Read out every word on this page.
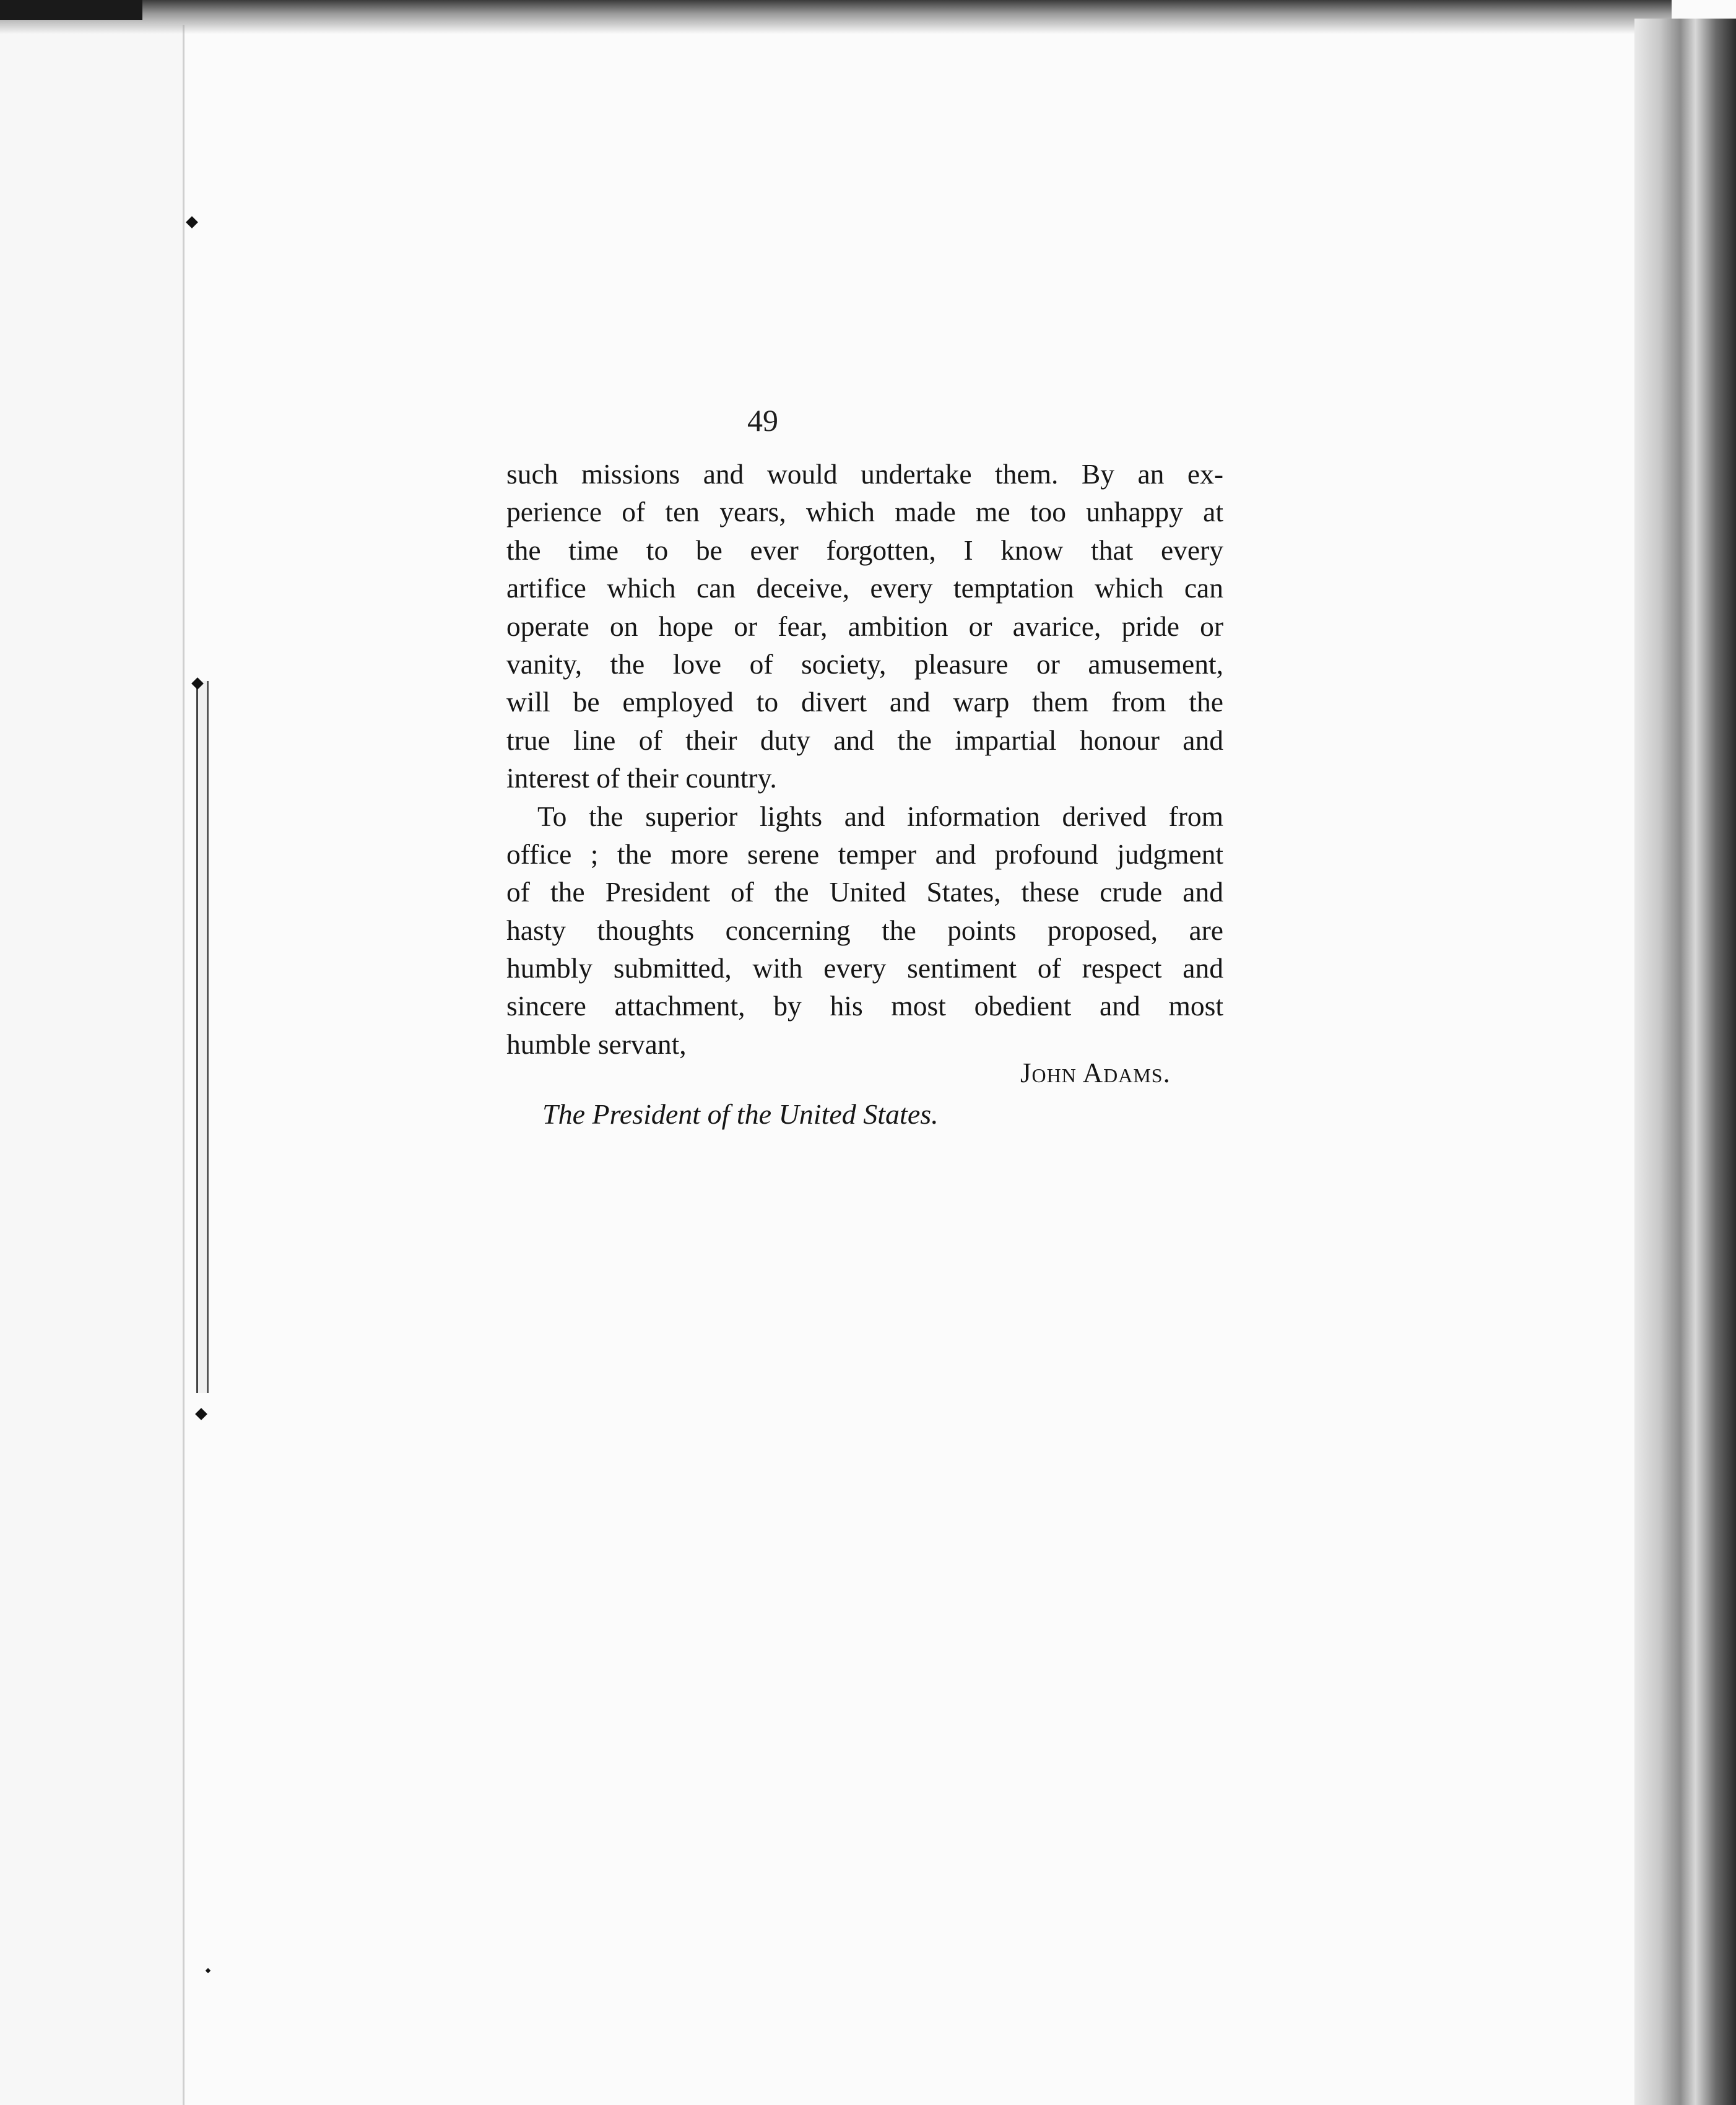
49
such missions and would undertake them. By an ex-
perience of ten years, which made me too unhappy at
the time to be ever forgotten, I know that every
artifice which can deceive, every temptation which can
operate on hope or fear, ambition or avarice, pride or
vanity, the love of society, pleasure or amusement,
will be employed to divert and warp them from the
true line of their duty and the impartial honour and
interest of their country.
To the superior lights and information derived from
office ; the more serene temper and profound judgment
of the President of the United States, these crude and
hasty thoughts concerning the points proposed, are
humbly submitted, with every sentiment of respect and
sincere attachment, by his most obedient and most
humble servant,
John Adams.
The President of the United States.
